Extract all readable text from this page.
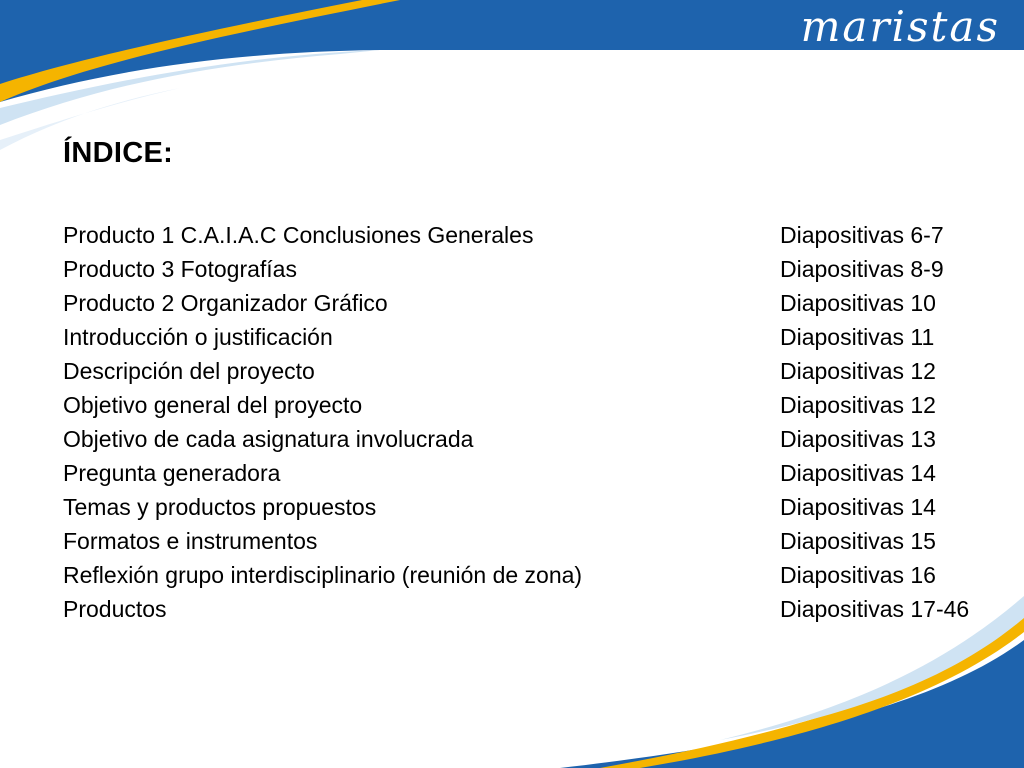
maristas
ÍNDICE:
Producto 1 C.A.I.A.C Conclusiones Generales	Diapositivas 6-7
Producto 3 Fotografías	Diapositivas 8-9
Producto 2 Organizador Gráfico	Diapositivas 10
Introducción o justificación	Diapositivas 11
Descripción del proyecto	Diapositivas 12
Objetivo general del proyecto	Diapositivas 12
Objetivo de cada asignatura involucrada	Diapositivas 13
Pregunta generadora	Diapositivas 14
Temas y productos propuestos	Diapositivas 14
Formatos e instrumentos	Diapositivas 15
Reflexión grupo interdisciplinario (reunión de zona)	Diapositivas 16
Productos	Diapositivas 17-46
